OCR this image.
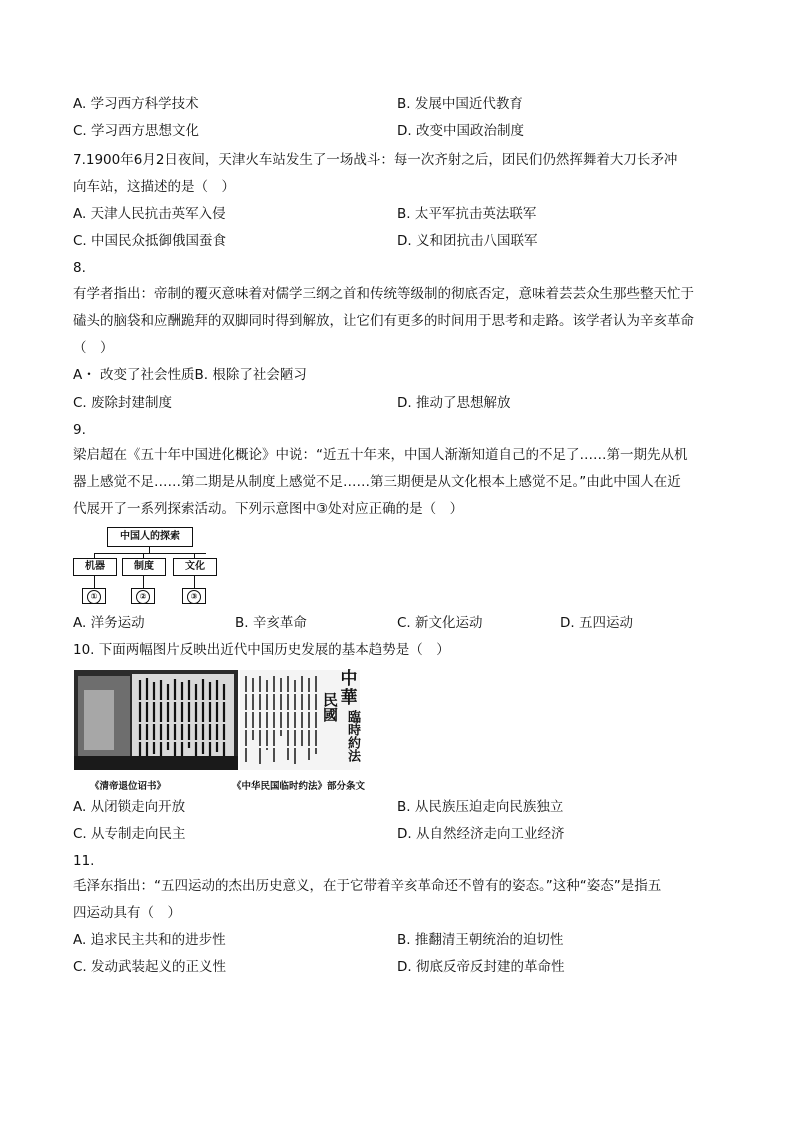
A. 学习西方科学技术	B. 发展中国近代教育
C. 学习西方思想文化	D. 改变中国政治制度
7.1900年6月2日夜间，天津火车站发生了一场战斗：每一次齐射之后，团民们仍然挥舞着大刀长矛冲
向车站，这描述的是（　）
A. 天津人民抗击英军入侵	B. 太平军抗击英法联军
C. 中国民众抵御俄国蚕食	D. 义和团抗击八国联军
8.
有学者指出：帝制的覆灭意味着对儒学三纲之首和传统等级制的彻底否定，意味着芸芸众生那些整天忙于
磕头的脑袋和应酬跪拜的双脚同时得到解放，让它们有更多的时间用于思考和走路。该学者认为辛亥革命
（　）
A・ 改变了社会性质B. 根除了社会陋习
C. 废除封建制度	D. 推动了思想解放
9.
梁启超在《五十年中国进化概论》中说：“近五十年来，中国人渐渐知道自己的不足了……第一期先从机
器上感觉不足……第二期是从制度上感觉不足……第三期便是从文化根本上感觉不足。”由此中国人在近
代展开了一系列探索活动。下列示意图中③处对应正确的是（　）
中国人的探索
机器	制度	文化
①	②	③
A. 洋务运动	B. 辛亥革命	C. 新文化运动	D. 五四运动
10. 下面两幅图片反映出近代中国历史发展的基本趋势是（　）
中華
民國
臨時約法
《清帝退位诏书》	《中华民国临时约法》部分条文
A. 从闭锁走向开放	B. 从民族压迫走向民族独立
C. 从专制走向民主	D. 从自然经济走向工业经济
11.
毛泽东指出：“五四运动的杰出历史意义，在于它带着辛亥革命还不曾有的姿态。”这种“姿态”是指五
四运动具有（　）
A. 追求民主共和的进步性	B. 推翻清王朝统治的迫切性
C. 发动武装起义的正义性	D. 彻底反帝反封建的革命性
